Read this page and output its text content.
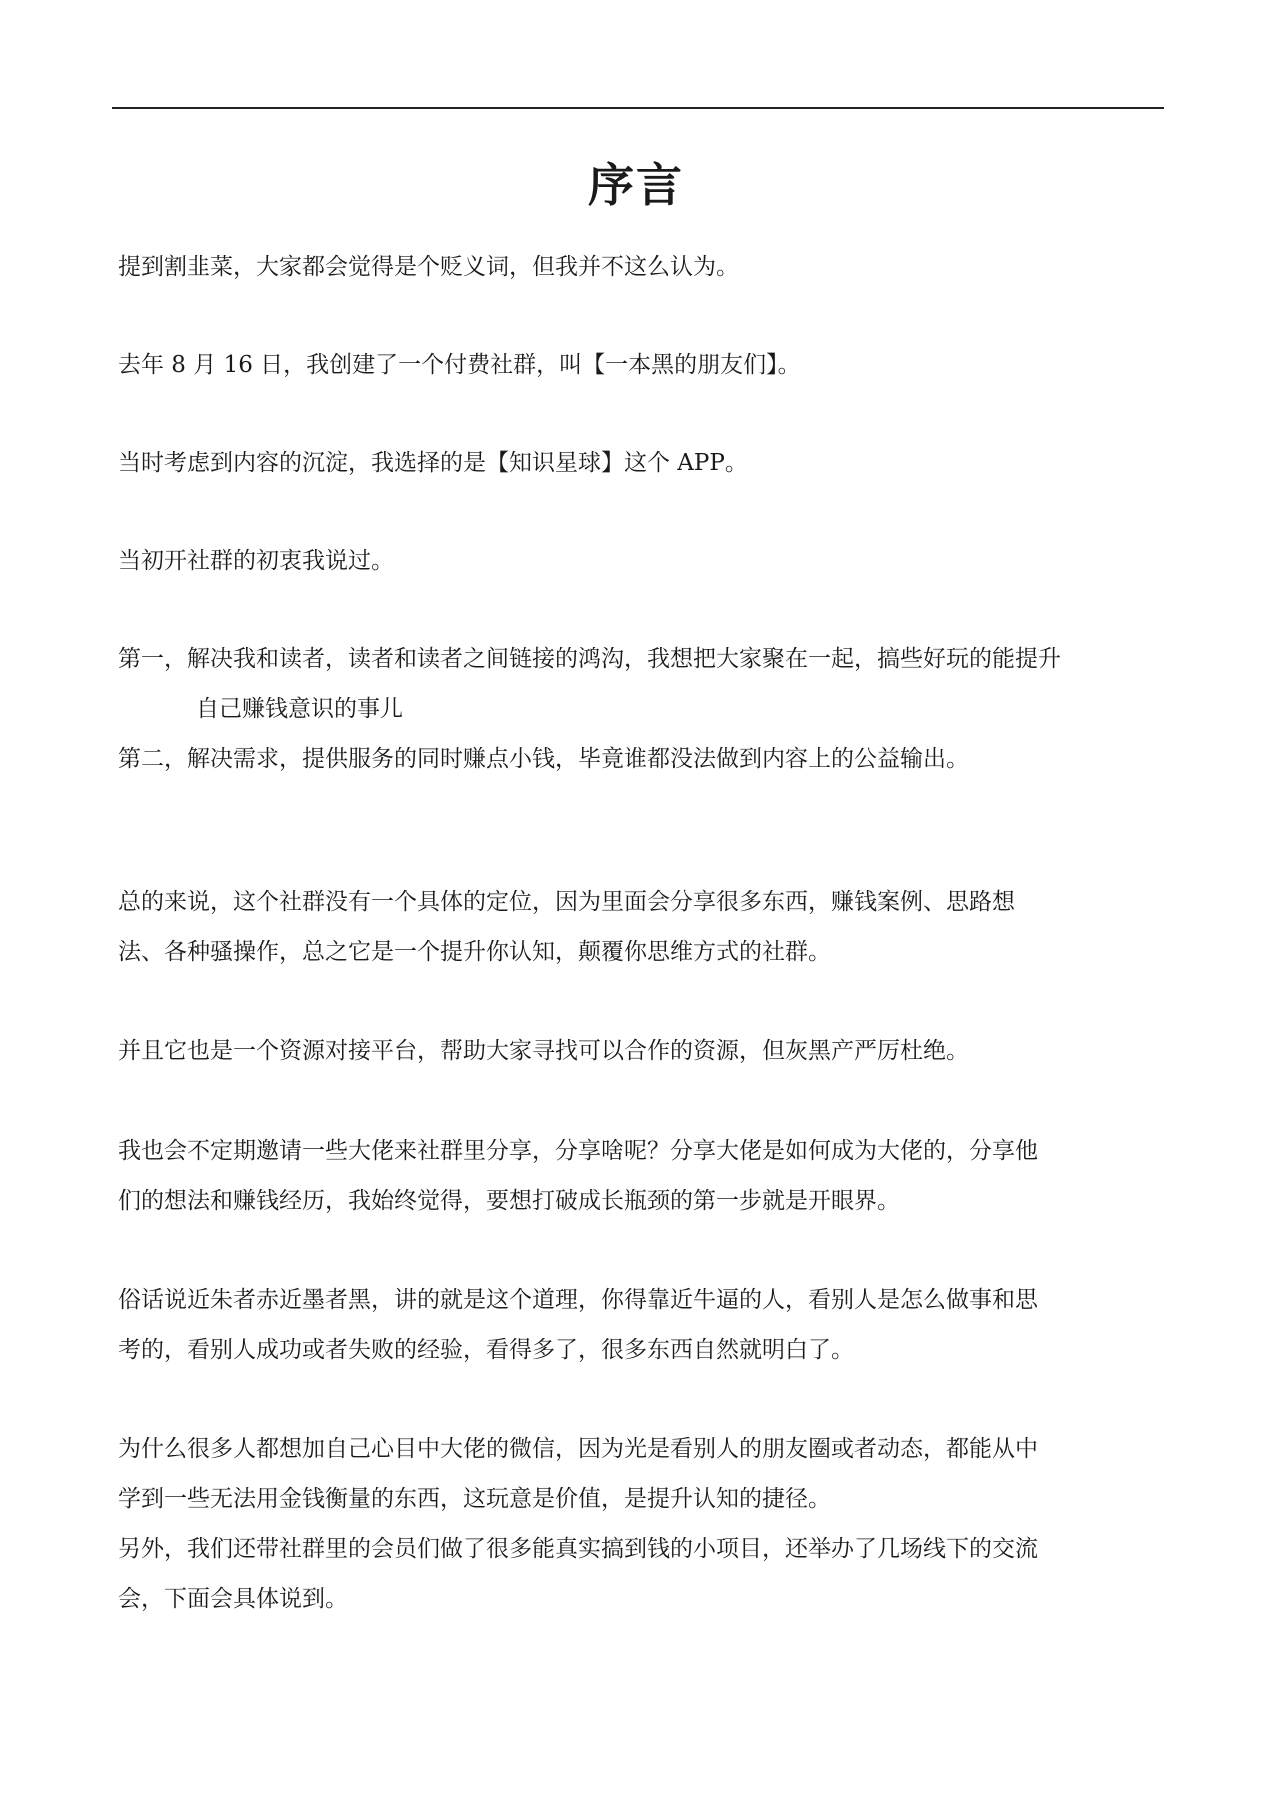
序言

提到割韭菜，大家都会觉得是个贬义词，但我并不这么认为。

去年 8 月 16 日，我创建了一个付费社群，叫【一本黑的朋友们】。

当时考虑到内容的沉淀，我选择的是【知识星球】这个 APP。

当初开社群的初衷我说过。

第一，解决我和读者，读者和读者之间链接的鸿沟，我想把大家聚在一起，搞些好玩的能提升
自己赚钱意识的事儿

第二，解决需求，提供服务的同时赚点小钱，毕竟谁都没法做到内容上的公益输出。

总的来说，这个社群没有一个具体的定位，因为里面会分享很多东西，赚钱案例、思路想
法、各种骚操作，总之它是一个提升你认知，颠覆你思维方式的社群。

并且它也是一个资源对接平台，帮助大家寻找可以合作的资源，但灰黑产严厉杜绝。

我也会不定期邀请一些大佬来社群里分享，分享啥呢？分享大佬是如何成为大佬的，分享他
们的想法和赚钱经历，我始终觉得，要想打破成长瓶颈的第一步就是开眼界。

俗话说近朱者赤近墨者黑，讲的就是这个道理，你得靠近牛逼的人，看别人是怎么做事和思
考的，看别人成功或者失败的经验，看得多了，很多东西自然就明白了。

为什么很多人都想加自己心目中大佬的微信，因为光是看别人的朋友圈或者动态，都能从中
学到一些无法用金钱衡量的东西，这玩意是价值，是提升认知的捷径。

另外，我们还带社群里的会员们做了很多能真实搞到钱的小项目，还举办了几场线下的交流
会，下面会具体说到。
